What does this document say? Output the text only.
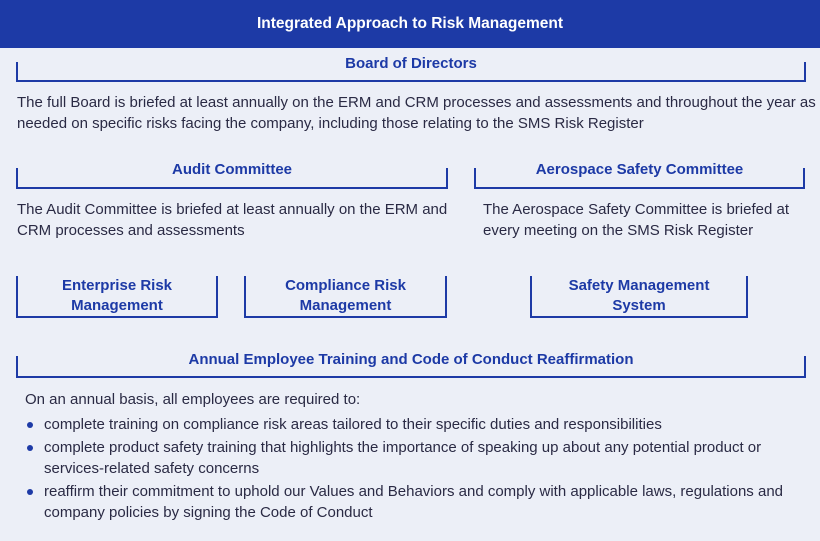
Integrated Approach to Risk Management
Board of Directors
The full Board is briefed at least annually on the ERM and CRM processes and assessments and throughout the year as needed on specific risks facing the company, including those relating to the SMS Risk Register
Audit Committee
The Audit Committee is briefed at least annually on the ERM and CRM processes and assessments
Aerospace Safety Committee
The Aerospace Safety Committee is briefed at every meeting on the SMS Risk Register
Enterprise Risk Management
Compliance Risk Management
Safety Management System
Annual Employee Training and Code of Conduct Reaffirmation
On an annual basis, all employees are required to:
complete training on compliance risk areas tailored to their specific duties and responsibilities
complete product safety training that highlights the importance of speaking up about any potential product or services-related safety concerns
reaffirm their commitment to uphold our Values and Behaviors and comply with applicable laws, regulations and company policies by signing the Code of Conduct
